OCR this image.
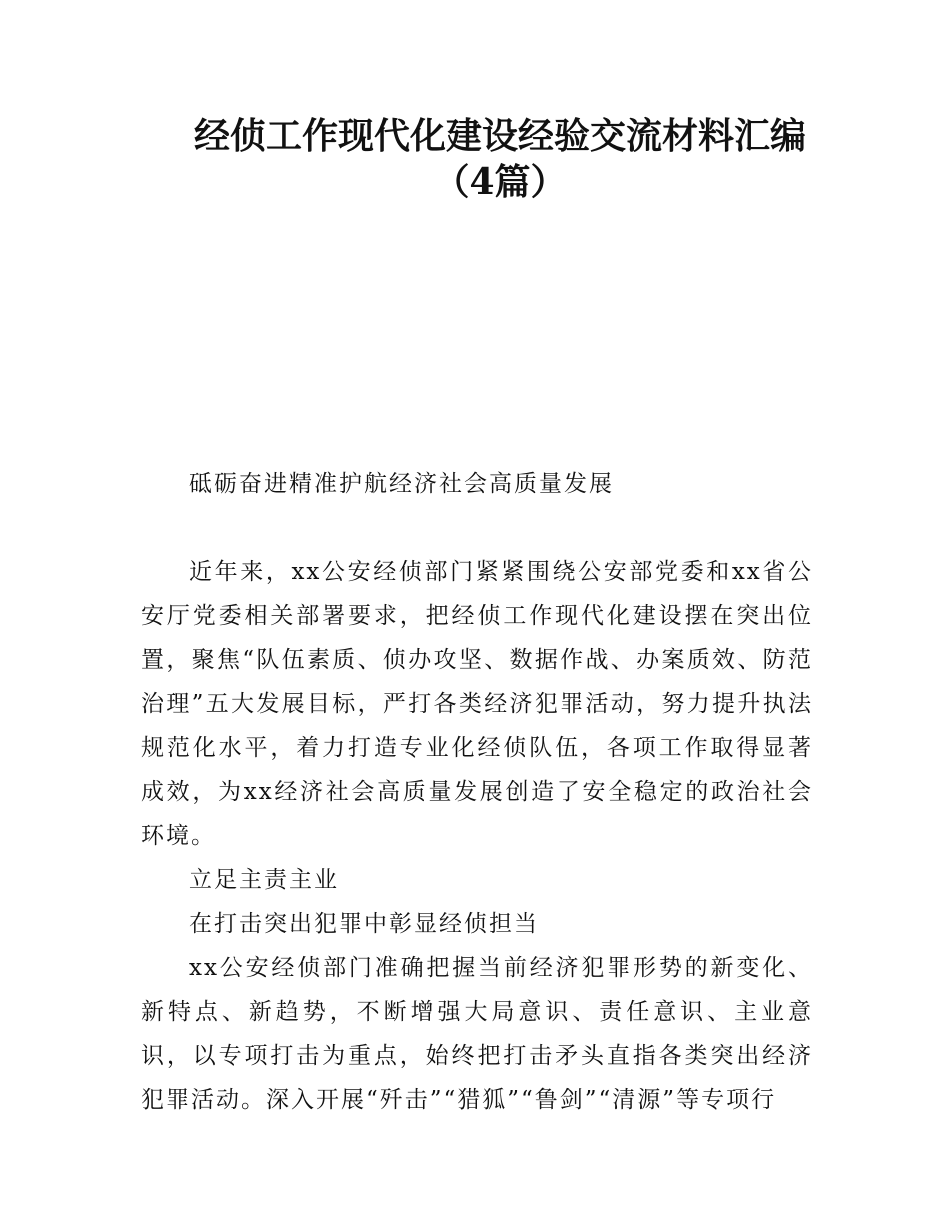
经侦工作现代化建设经验交流材料汇编
（4篇）

砥砺奋进精准护航经济社会高质量发展

近年来，xx公安经侦部门紧紧围绕公安部党委和xx省公安厅党委相关部署要求，把经侦工作现代化建设摆在突出位置，聚焦“队伍素质、侦办攻坚、数据作战、办案质效、防范治理”五大发展目标，严打各类经济犯罪活动，努力提升执法规范化水平，着力打造专业化经侦队伍，各项工作取得显著成效，为xx经济社会高质量发展创造了安全稳定的政治社会环境。

立足主责主业

在打击突出犯罪中彰显经侦担当

xx公安经侦部门准确把握当前经济犯罪形势的新变化、新特点、新趋势，不断增强大局意识、责任意识、主业意识，以专项打击为重点，始终把打击矛头直指各类突出经济犯罪活动。深入开展“歼击”“猎狐”“鲁剑”“清源”等专项行
